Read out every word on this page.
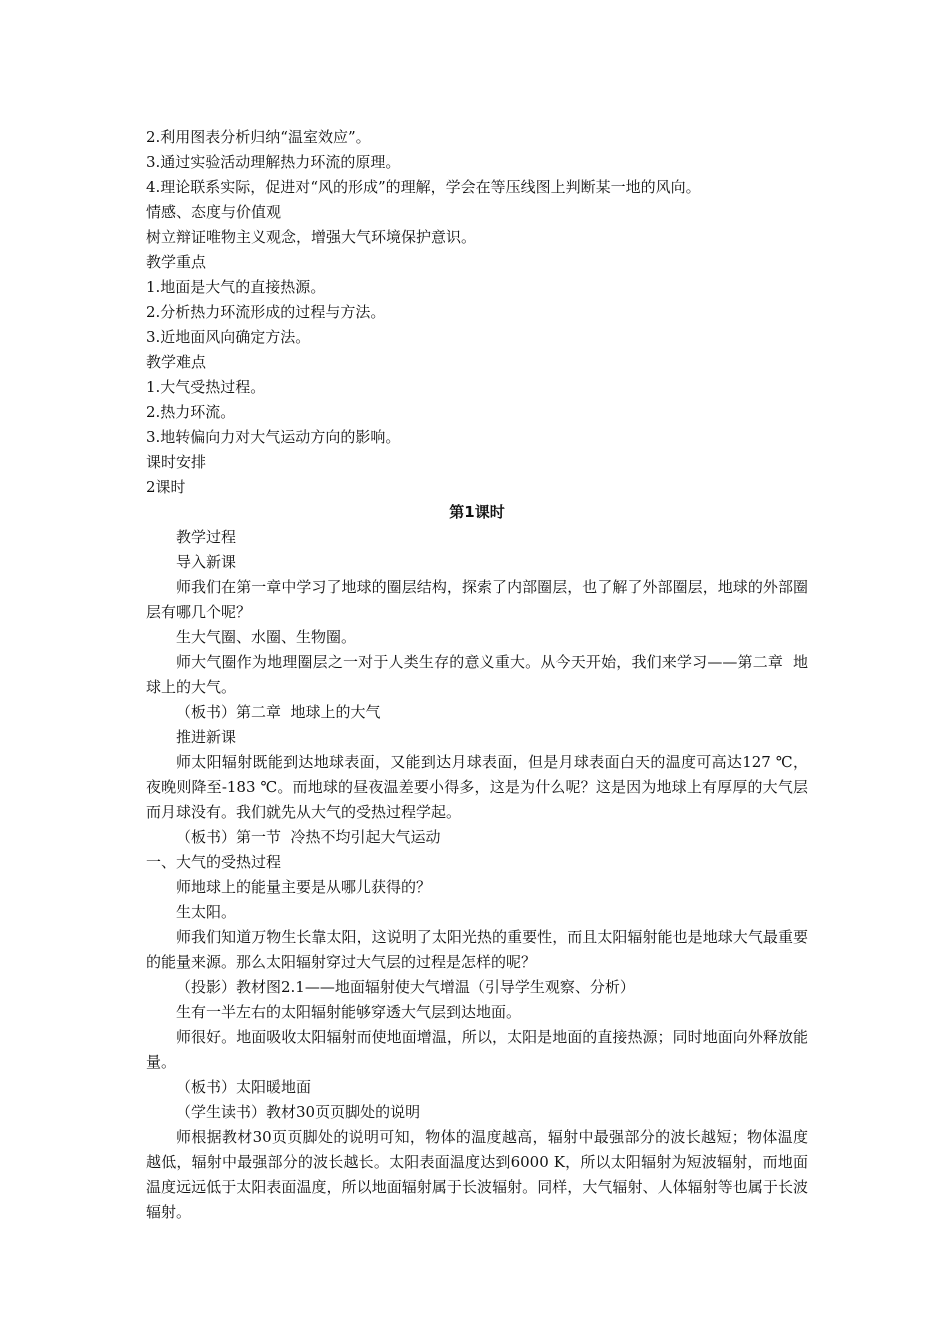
2.利用图表分析归纳“温室效应”。

3.通过实验活动理解热力环流的原理。

4.理论联系实际，促进对“风的形成”的理解，学会在等压线图上判断某一地的风向。

情感、态度与价值观

树立辩证唯物主义观念，增强大气环境保护意识。

教学重点

1.地面是大气的直接热源。

2.分析热力环流形成的过程与方法。

3.近地面风向确定方法。

教学难点

1.大气受热过程。

2.热力环流。

3.地转偏向力对大气运动方向的影响。

课时安排

2课时

第1课时

教学过程

导入新课

师我们在第一章中学习了地球的圈层结构，探索了内部圈层，也了解了外部圈层，地球的外部圈层有哪几个呢？

生大气圈、水圈、生物圈。

师大气圈作为地理圈层之一对于人类生存的意义重大。从今天开始，我们来学习——第二章  地球上的大气。

（板书）第二章  地球上的大气

推进新课

师太阳辐射既能到达地球表面，又能到达月球表面，但是月球表面白天的温度可高达127 ℃，夜晚则降至-183 ℃。而地球的昼夜温差要小得多，这是为什么呢？这是因为地球上有厚厚的大气层而月球没有。我们就先从大气的受热过程学起。

（板书）第一节  冷热不均引起大气运动

一、大气的受热过程

师地球上的能量主要是从哪儿获得的？

生太阳。

师我们知道万物生长靠太阳，这说明了太阳光热的重要性，而且太阳辐射能也是地球大气最重要的能量来源。那么太阳辐射穿过大气层的过程是怎样的呢？

（投影）教材图2.1——地面辐射使大气增温（引导学生观察、分析）

生有一半左右的太阳辐射能够穿透大气层到达地面。

师很好。地面吸收太阳辐射而使地面增温，所以，太阳是地面的直接热源；同时地面向外释放能量。

（板书）太阳暖地面

（学生读书）教材30页页脚处的说明

师根据教材30页页脚处的说明可知，物体的温度越高，辐射中最强部分的波长越短；物体温度越低，辐射中最强部分的波长越长。太阳表面温度达到6000 K，所以太阳辐射为短波辐射，而地面温度远远低于太阳表面温度，所以地面辐射属于长波辐射。同样，大气辐射、人体辐射等也属于长波辐射。
